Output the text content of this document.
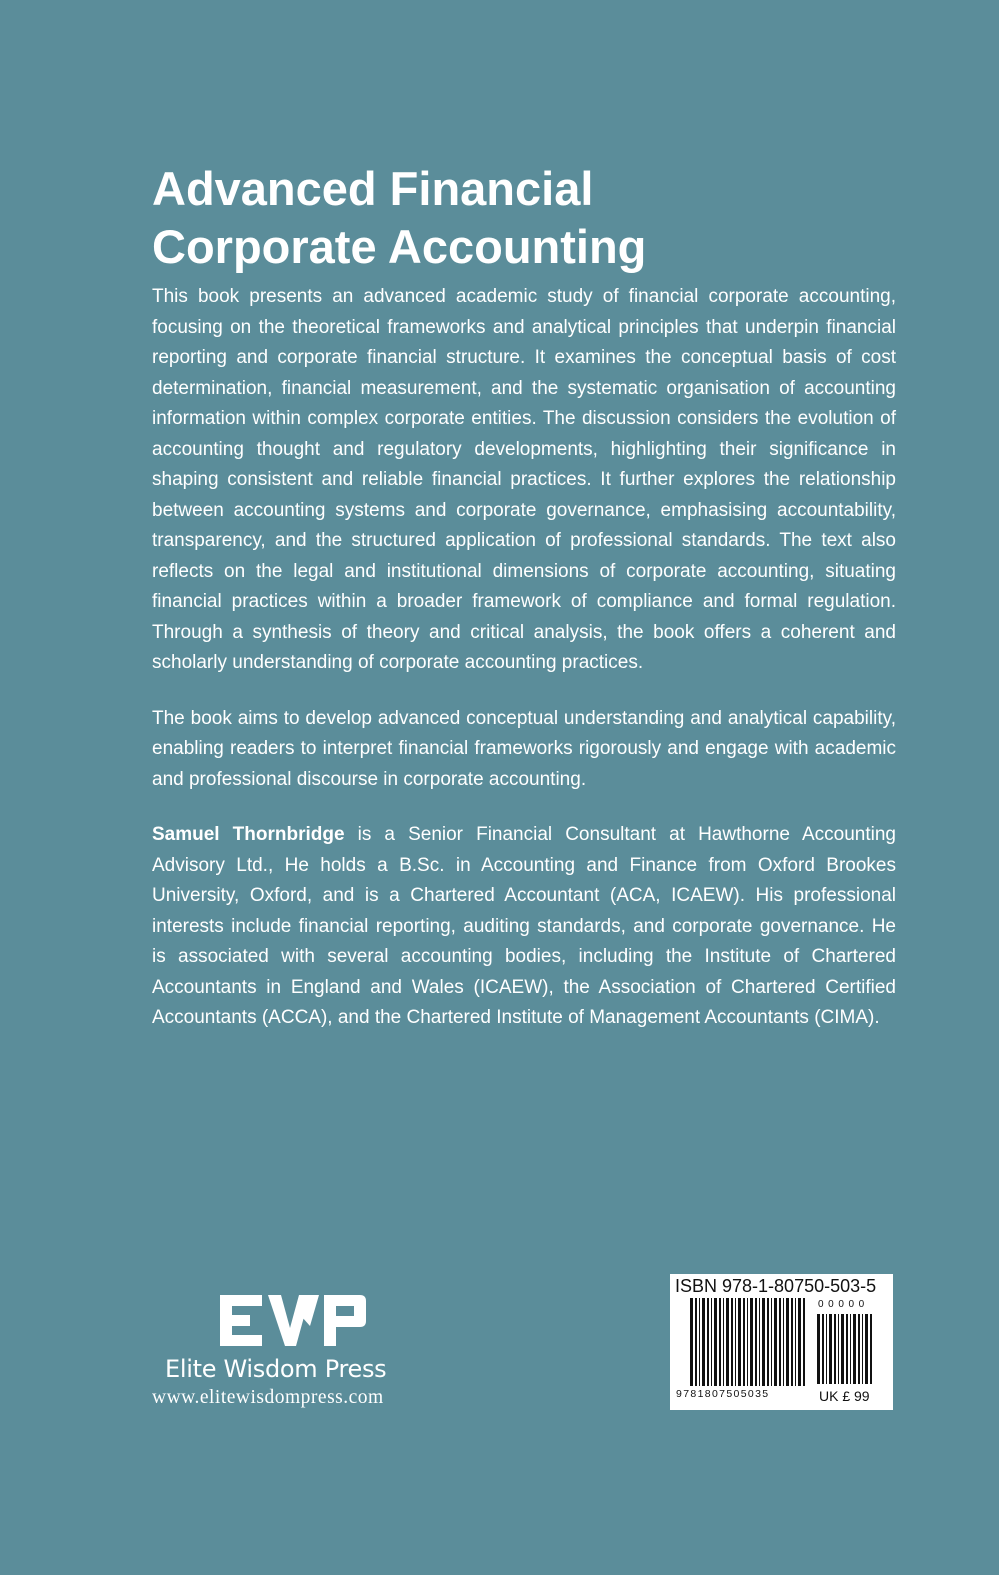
Advanced Financial
Corporate Accounting

This book presents an advanced academic study of financial corporate accounting, focusing on the theoretical frameworks and analytical principles that underpin financial reporting and corporate financial structure. It examines the conceptual basis of cost determination, financial measurement, and the systematic organisation of accounting information within complex corporate entities. The discussion considers the evolution of accounting thought and regulatory developments, highlighting their significance in shaping consistent and reliable financial practices. It further explores the relationship between accounting systems and corporate governance, emphasising accountability, transparency, and the structured application of professional standards. The text also reflects on the legal and institutional dimensions of corporate accounting, situating financial practices within a broader framework of compliance and formal regulation. Through a synthesis of theory and critical analysis, the book offers a coherent and scholarly understanding of corporate accounting practices.

The book aims to develop advanced conceptual understanding and analytical capability, enabling readers to interpret financial frameworks rigorously and engage with academic and professional discourse in corporate accounting.

Samuel Thornbridge is a Senior Financial Consultant at Hawthorne Accounting Advisory Ltd., He holds a B.Sc. in Accounting and Finance from Oxford Brookes University, Oxford, and is a Chartered Accountant (ACA, ICAEW). His professional interests include financial reporting, auditing standards, and corporate governance. He is associated with several accounting bodies, including the Institute of Chartered Accountants in England and Wales (ICAEW), the Association of Chartered Certified Accountants (ACCA), and the Chartered Institute of Management Accountants (CIMA).

Elite Wisdom Press
www.elitewisdompress.com
ISBN 978-1-80750-503-5
00000
9781807505035	UK £ 99
